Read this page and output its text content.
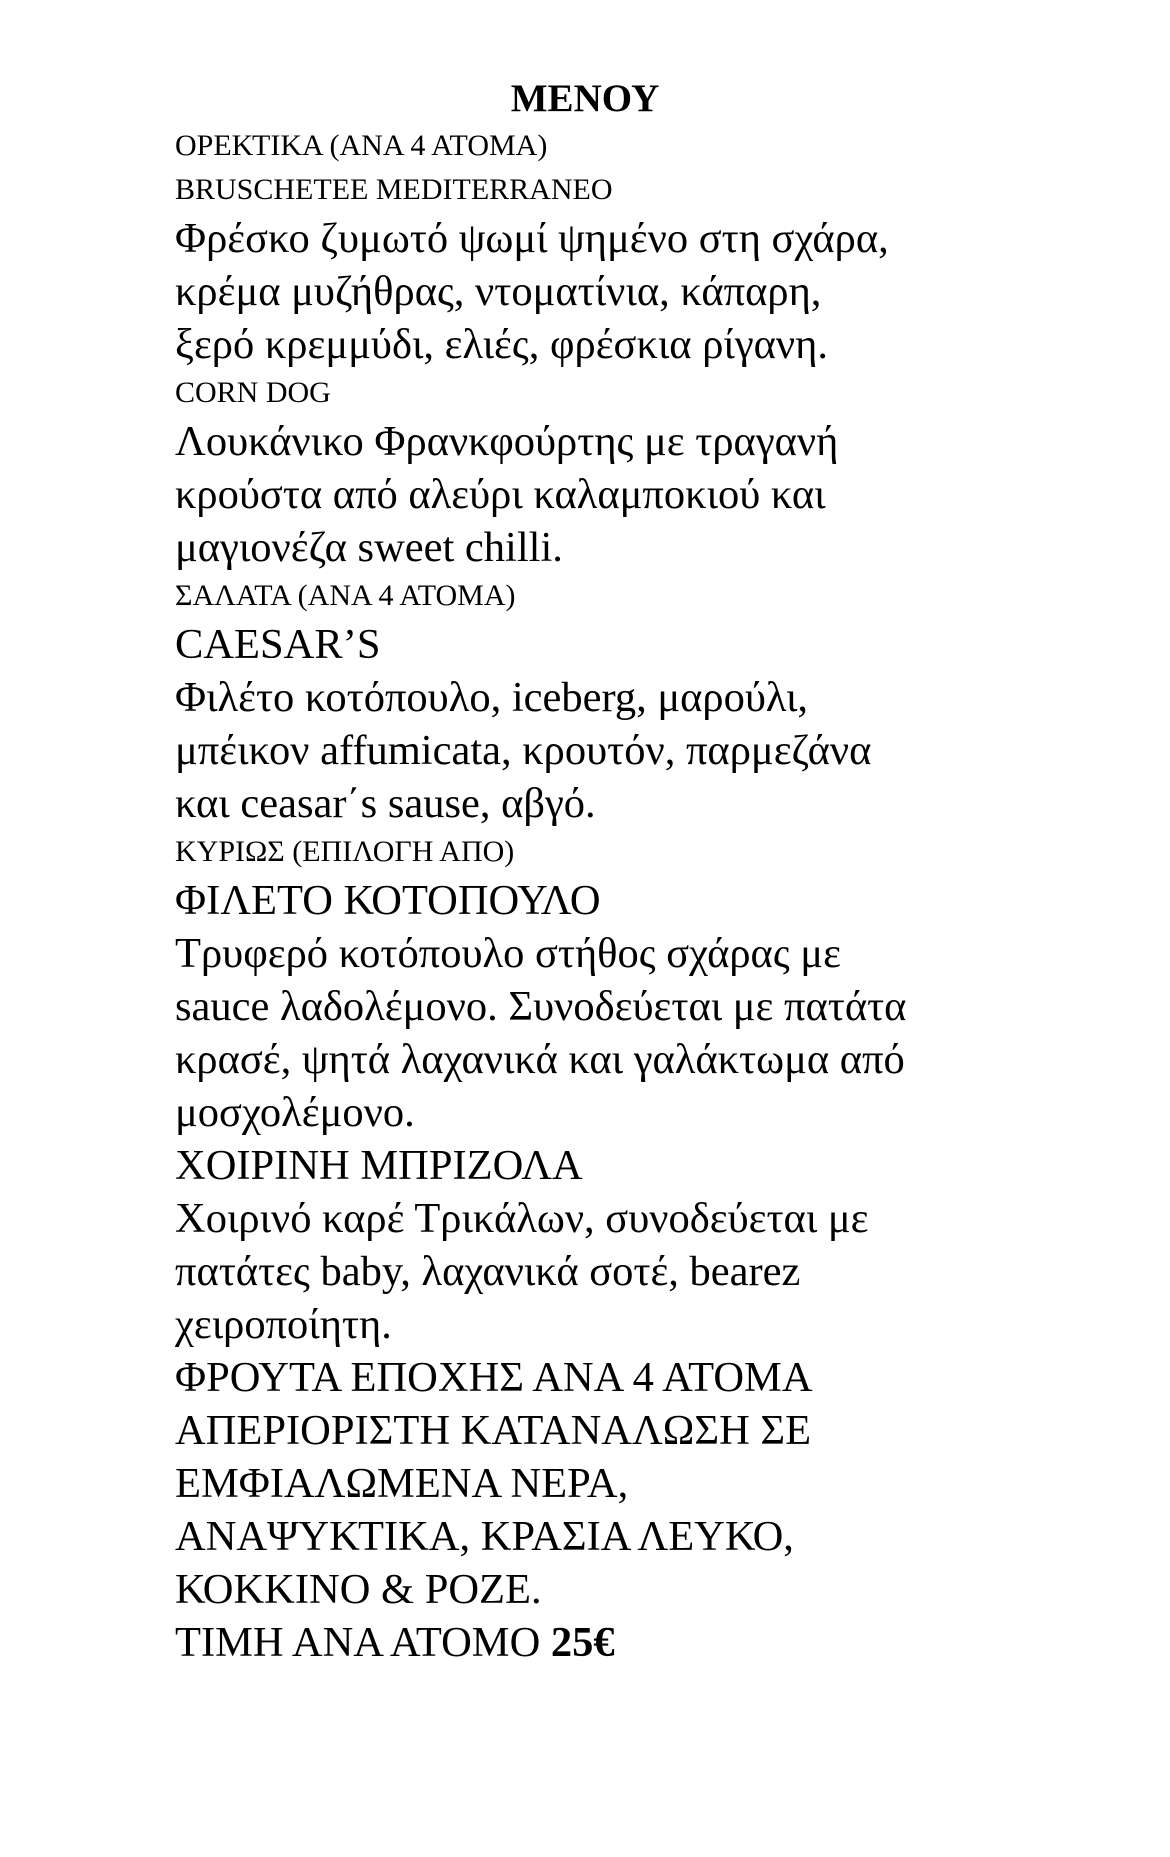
ΜΕΝΟΥ

ΟΡΕΚΤΙΚΑ (ΑΝΑ 4 ΑΤΟΜΑ)

BRUSCHETEE MEDITERRANEO

Φρέσκο ζυμωτό ψωμί ψημένο στη σχάρα,

κρέμα μυζήθρας, ντοματίνια, κάπαρη,

ξερό κρεμμύδι, ελιές, φρέσκια ρίγανη.

CORN DOG

Λουκάνικο Φρανκφούρτης με τραγανή

κρούστα από αλεύρι καλαμποκιού και

μαγιονέζα sweet chilli.

ΣΑΛΑΤΑ (ΑΝΑ 4 ΑΤΟΜΑ)

CAESAR’S

Φιλέτο κοτόπουλο, iceberg, μαρούλι,

μπέικον affumicata, κρουτόν, παρμεζάνα

και ceasar΄s sause, αβγό.

ΚΥΡΙΩΣ (ΕΠΙΛΟΓΗ ΑΠΟ)

ΦΙΛΕΤΟ ΚΟΤΟΠΟΥΛΟ

Τρυφερό κοτόπουλο στήθος σχάρας με

sauce λαδολέμονο. Συνοδεύεται με πατάτα

κρασέ, ψητά λαχανικά και γαλάκτωμα από

μοσχολέμονο.

ΧΟΙΡΙΝΗ ΜΠΡΙΖΟΛΑ

Χοιρινό καρέ Τρικάλων, συνοδεύεται με

πατάτες baby, λαχανικά σοτέ, bearez

χειροποίητη.

ΦΡΟΥΤΑ ΕΠΟΧΗΣ ΑΝΑ 4 ΑΤΟΜΑ

ΑΠΕΡΙΟΡΙΣΤΗ ΚΑΤΑΝΑΛΩΣΗ ΣΕ

ΕΜΦΙΑΛΩΜΕΝΑ ΝΕΡΑ,

ΑΝΑΨΥΚΤΙΚΑ, ΚΡΑΣΙΑ ΛΕΥΚΟ,

ΚΟΚΚΙΝΟ & ΡΟΖΕ.

ΤΙΜΗ ΑΝΑ ΑΤΟΜΟ 25€
